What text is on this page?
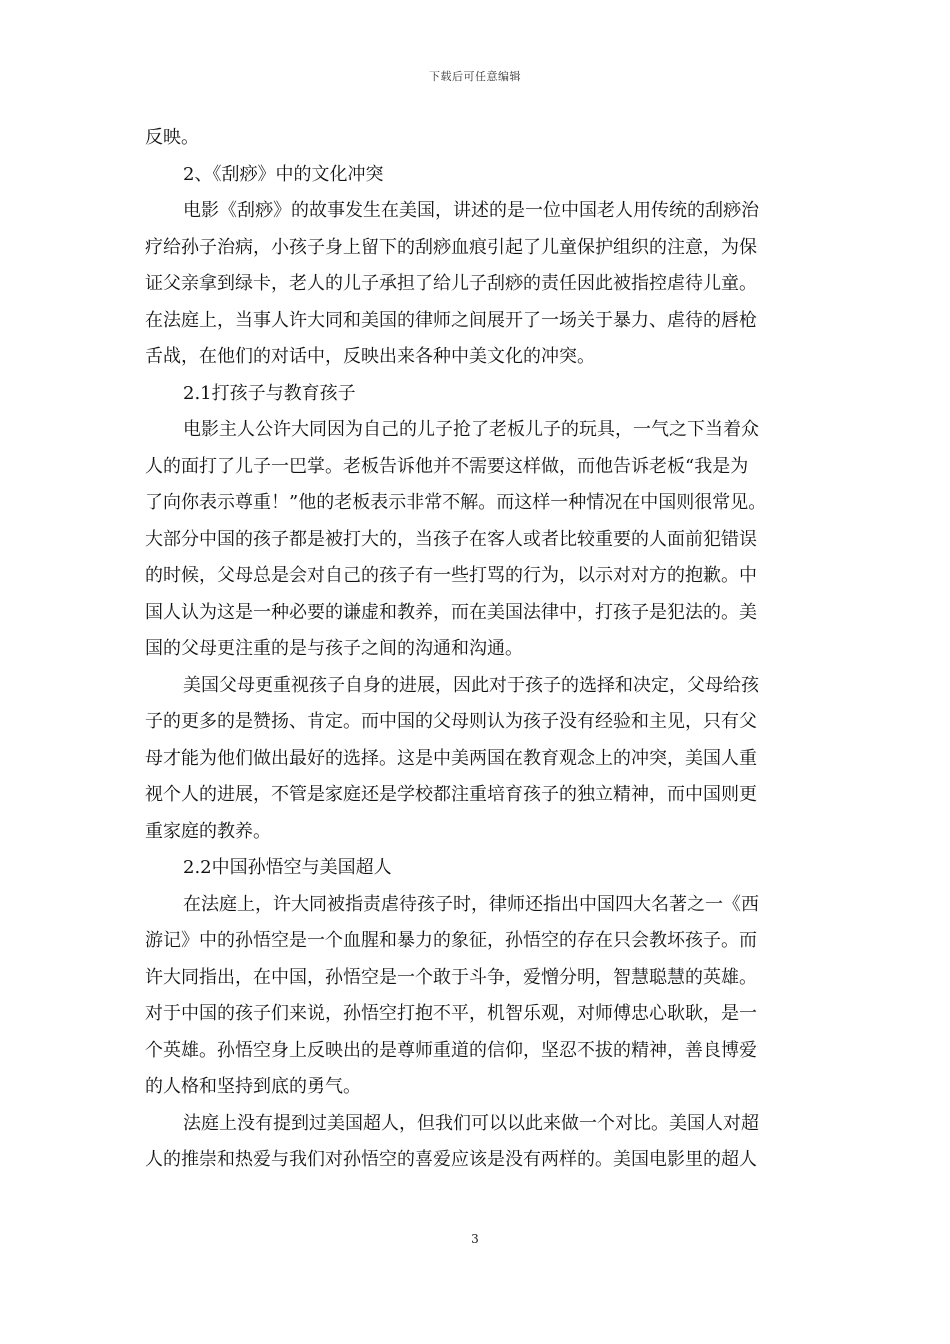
下载后可任意编辑
反映。
2、《刮痧》中的文化冲突
电影《刮痧》的故事发生在美国，讲述的是一位中国老人用传统的刮痧治
疗给孙子治病，小孩子身上留下的刮痧血痕引起了儿童保护组织的注意，为保
证父亲拿到绿卡，老人的儿子承担了给儿子刮痧的责任因此被指控虐待儿童。
在法庭上，当事人许大同和美国的律师之间展开了一场关于暴力、虐待的唇枪
舌战，在他们的对话中，反映出来各种中美文化的冲突。
2.1打孩子与教育孩子
电影主人公许大同因为自己的儿子抢了老板儿子的玩具，一气之下当着众
人的面打了儿子一巴掌。老板告诉他并不需要这样做，而他告诉老板“我是为
了向你表示尊重！”他的老板表示非常不解。而这样一种情况在中国则很常见。
大部分中国的孩子都是被打大的，当孩子在客人或者比较重要的人面前犯错误
的时候，父母总是会对自己的孩子有一些打骂的行为，以示对对方的抱歉。中
国人认为这是一种必要的谦虚和教养，而在美国法律中，打孩子是犯法的。美
国的父母更注重的是与孩子之间的沟通和沟通。
美国父母更重视孩子自身的进展，因此对于孩子的选择和决定，父母给孩
子的更多的是赞扬、肯定。而中国的父母则认为孩子没有经验和主见，只有父
母才能为他们做出最好的选择。这是中美两国在教育观念上的冲突，美国人重
视个人的进展，不管是家庭还是学校都注重培育孩子的独立精神，而中国则更
重家庭的教养。
2.2中国孙悟空与美国超人
在法庭上，许大同被指责虐待孩子时，律师还指出中国四大名著之一《西
游记》中的孙悟空是一个血腥和暴力的象征，孙悟空的存在只会教坏孩子。而
许大同指出，在中国，孙悟空是一个敢于斗争，爱憎分明，智慧聪慧的英雄。
对于中国的孩子们来说，孙悟空打抱不平，机智乐观，对师傅忠心耿耿，是一
个英雄。孙悟空身上反映出的是尊师重道的信仰，坚忍不拔的精神，善良博爱
的人格和坚持到底的勇气。
法庭上没有提到过美国超人，但我们可以以此来做一个对比。美国人对超
人的推崇和热爱与我们对孙悟空的喜爱应该是没有两样的。美国电影里的超人
3
